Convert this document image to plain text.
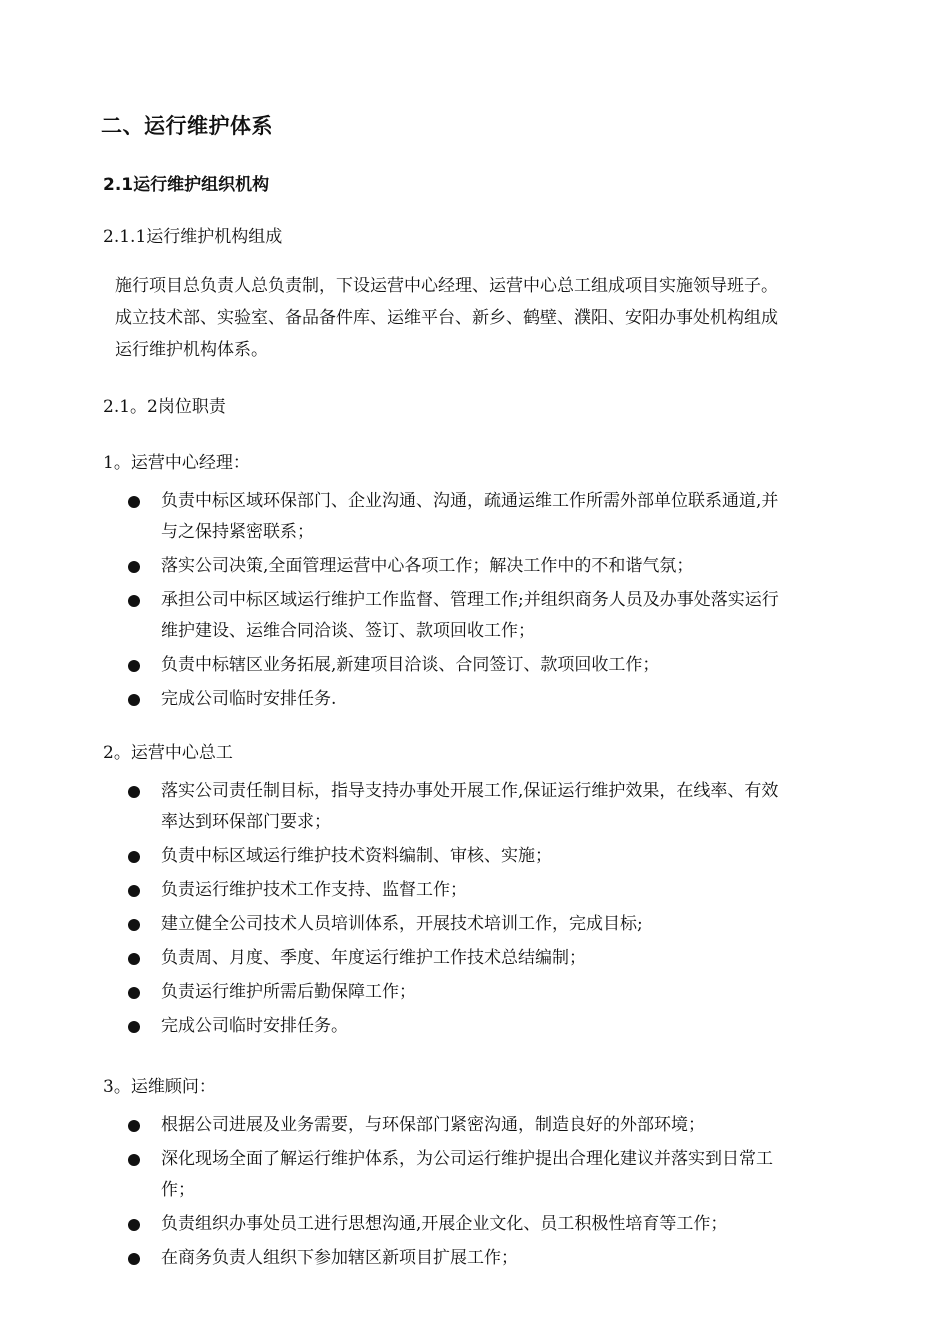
二、运行维护体系
2.1运行维护组织机构
2.1.1运行维护机构组成
施行项目总负责人总负责制，下设运营中心经理、运营中心总工组成项目实施领导班子。
成立技术部、实验室、备品备件库、运维平台、新乡、鹤壁、濮阳、安阳办事处机构组成
运行维护机构体系。
2.1。2岗位职责
1。运营中心经理：
负责中标区域环保部门、企业沟通、沟通，疏通运维工作所需外部单位联系通道,并
与之保持紧密联系；
落实公司决策,全面管理运营中心各项工作；解决工作中的不和谐气氛；
承担公司中标区域运行维护工作监督、管理工作;并组织商务人员及办事处落实运行
维护建设、运维合同洽谈、签订、款项回收工作；
负责中标辖区业务拓展,新建项目洽谈、合同签订、款项回收工作；
完成公司临时安排任务.
2。运营中心总工
落实公司责任制目标，指导支持办事处开展工作,保证运行维护效果，在线率、有效
率达到环保部门要求；
负责中标区域运行维护技术资料编制、审核、实施；
负责运行维护技术工作支持、监督工作；
建立健全公司技术人员培训体系，开展技术培训工作，完成目标;
负责周、月度、季度、年度运行维护工作技术总结编制；
负责运行维护所需后勤保障工作；
完成公司临时安排任务。
3。运维顾问：
根据公司进展及业务需要，与环保部门紧密沟通，制造良好的外部环境；
深化现场全面了解运行维护体系，为公司运行维护提出合理化建议并落实到日常工
作；
负责组织办事处员工进行思想沟通,开展企业文化、员工积极性培育等工作；
在商务负责人组织下参加辖区新项目扩展工作；
